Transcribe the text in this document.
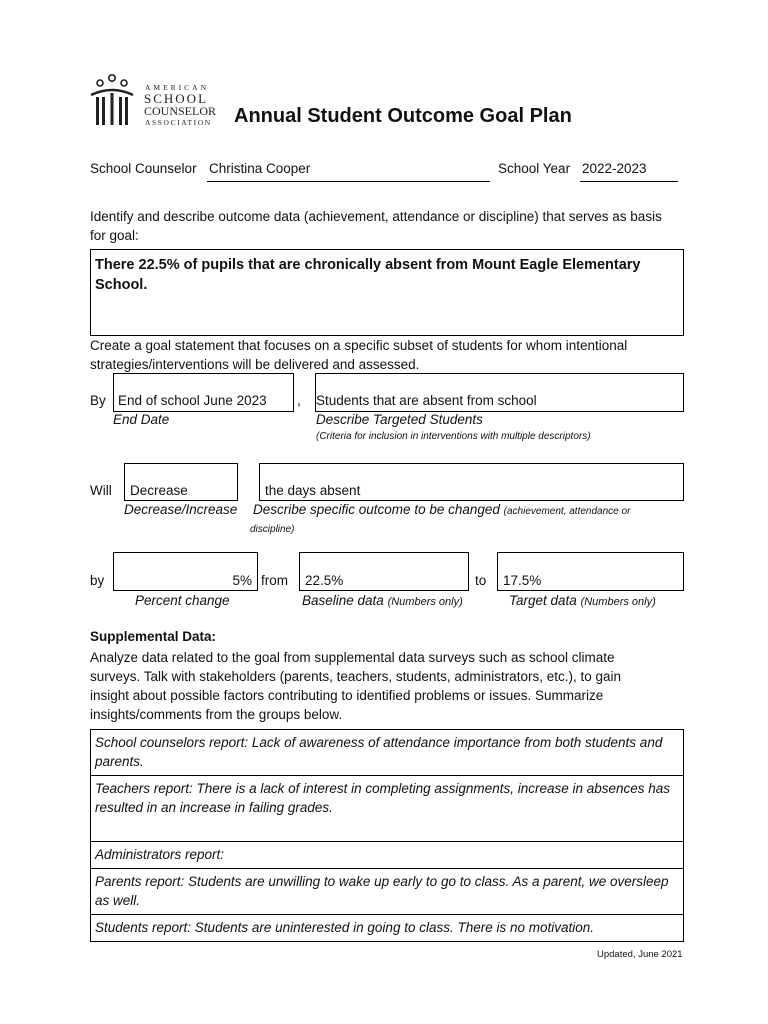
AMERICAN
SCHOOL
COUNSELOR
ASSOCIATION Annual Student Outcome Goal Plan
School Counselor Christina Cooper	School Year 2022-2023
Identify and describe outcome data (achievement, attendance or discipline) that serves as basis for goal:
There 22.5% of pupils that are chronically absent from Mount Eagle Elementary School.
Create a goal statement that focuses on a specific subset of students for whom intentional strategies/interventions will be delivered and assessed.
By End of school June 2023	, Students that are absent from school
End Date	Describe Targeted Students
(Criteria for inclusion in interventions with multiple descriptors)
Will	Decrease	the days absent
Decrease/Increase Describe specific outcome to be changed (achievement, attendance or discipline)
by	5% from	22.5%	to	17.5%
Percent change	Baseline data (Numbers only)	Target data (Numbers only)
Supplemental Data:
Analyze data related to the goal from supplemental data surveys such as school climate surveys. Talk with stakeholders (parents, teachers, students, administrators, etc.), to gain insight about possible factors contributing to identified problems or issues. Summarize insights/comments from the groups below.
School counselors report: Lack of awareness of attendance importance from both students and parents.
Teachers report: There is a lack of interest in completing assignments, increase in absences has resulted in an increase in failing grades.
Administrators report:
Parents report: Students are unwilling to wake up early to go to class. As a parent, we oversleep as well.
Students report: Students are uninterested in going to class. There is no motivation.
Updated, June 2021
